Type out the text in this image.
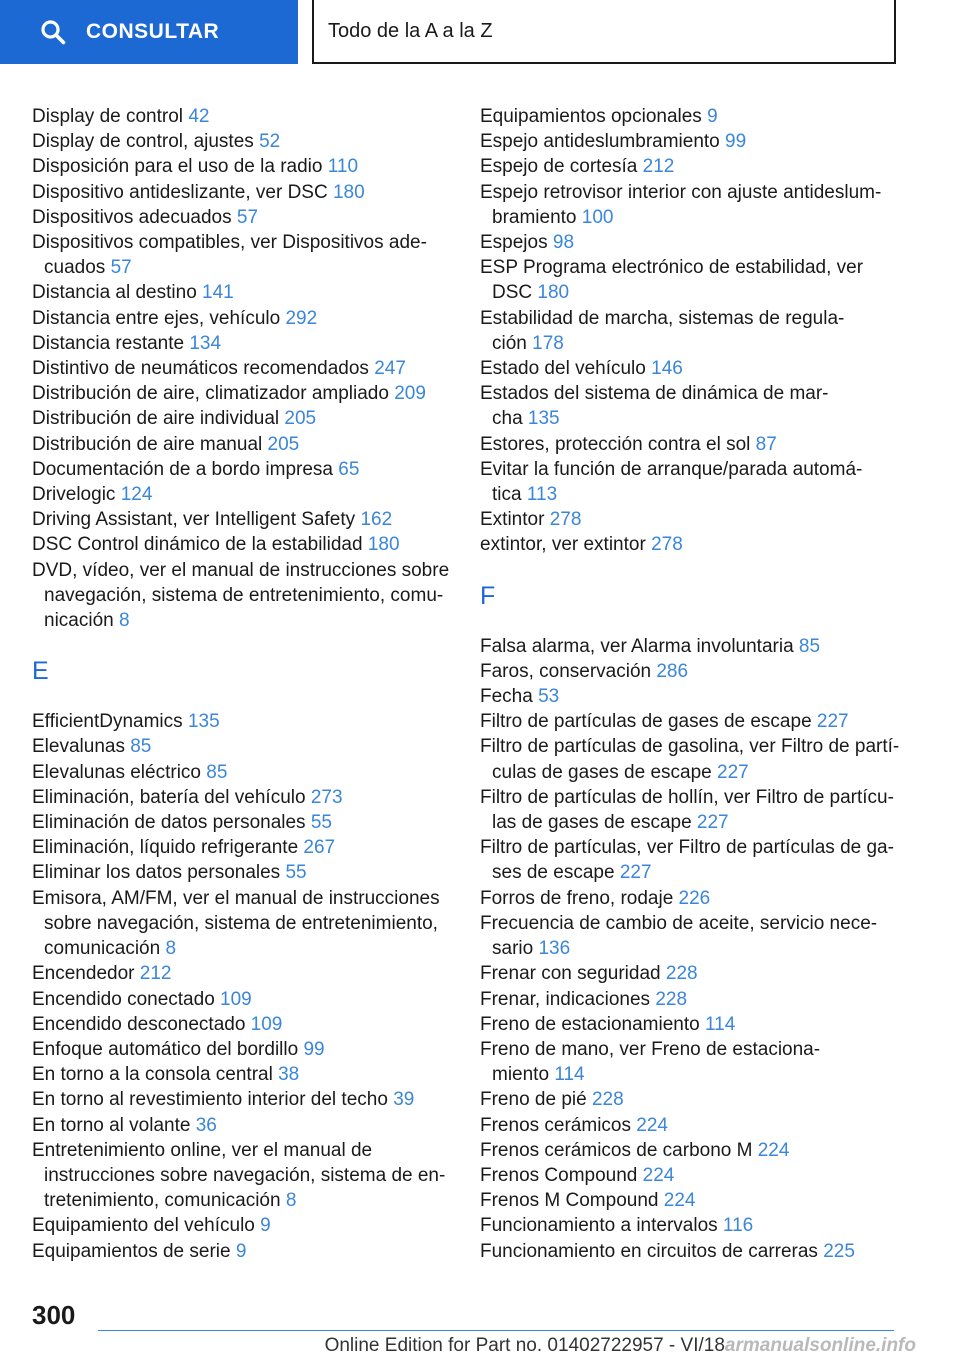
CONSULTAR	Todo de la A a la Z
Display de control 42
Display de control, ajustes 52
Disposición para el uso de la radio 110
Dispositivo antideslizante, ver DSC 180
Dispositivos adecuados 57
Dispositivos compatibles, ver Dispositivos ade‐
cuados 57
Distancia al destino 141
Distancia entre ejes, vehículo 292
Distancia restante 134
Distintivo de neumáticos recomendados 247
Distribución de aire, climatizador ampliado 209
Distribución de aire individual 205
Distribución de aire manual 205
Documentación de a bordo impresa 65
Drivelogic 124
Driving Assistant, ver Intelligent Safety 162
DSC Control dinámico de la estabilidad 180
DVD, vídeo, ver el manual de instrucciones sobre
navegación, sistema de entretenimiento, comu‐
nicación 8
E
EfficientDynamics 135
Elevalunas 85
Elevalunas eléctrico 85
Eliminación, batería del vehículo 273
Eliminación de datos personales 55
Eliminación, líquido refrigerante 267
Eliminar los datos personales 55
Emisora, AM/FM, ver el manual de instrucciones
sobre navegación, sistema de entretenimiento,
comunicación 8
Encendedor 212
Encendido conectado 109
Encendido desconectado 109
Enfoque automático del bordillo 99
En torno a la consola central 38
En torno al revestimiento interior del techo 39
En torno al volante 36
Entretenimiento online, ver el manual de
instrucciones sobre navegación, sistema de en‐
tretenimiento, comunicación 8
Equipamiento del vehículo 9
Equipamientos de serie 9
Equipamientos opcionales 9
Espejo antideslumbramiento 99
Espejo de cortesía 212
Espejo retrovisor interior con ajuste antideslum‐
bramiento 100
Espejos 98
ESP Programa electrónico de estabilidad, ver
DSC 180
Estabilidad de marcha, sistemas de regula‐
ción 178
Estado del vehículo 146
Estados del sistema de dinámica de mar‐
cha 135
Estores, protección contra el sol 87
Evitar la función de arranque/parada automá‐
tica 113
Extintor 278
extintor, ver extintor 278
F
Falsa alarma, ver Alarma involuntaria 85
Faros, conservación 286
Fecha 53
Filtro de partículas de gases de escape 227
Filtro de partículas de gasolina, ver Filtro de partí‐
culas de gases de escape 227
Filtro de partículas de hollín, ver Filtro de partícu‐
las de gases de escape 227
Filtro de partículas, ver Filtro de partículas de ga‐
ses de escape 227
Forros de freno, rodaje 226
Frecuencia de cambio de aceite, servicio nece‐
sario 136
Frenar con seguridad 228
Frenar, indicaciones 228
Freno de estacionamiento 114
Freno de mano, ver Freno de estaciona‐
miento 114
Freno de pié 228
Frenos cerámicos 224
Frenos cerámicos de carbono M 224
Frenos Compound 224
Frenos M Compound 224
Funcionamiento a intervalos 116
Funcionamiento en circuitos de carreras 225
300
Online Edition for Part no. 01402722957 - VI/18armanualsonline.info
